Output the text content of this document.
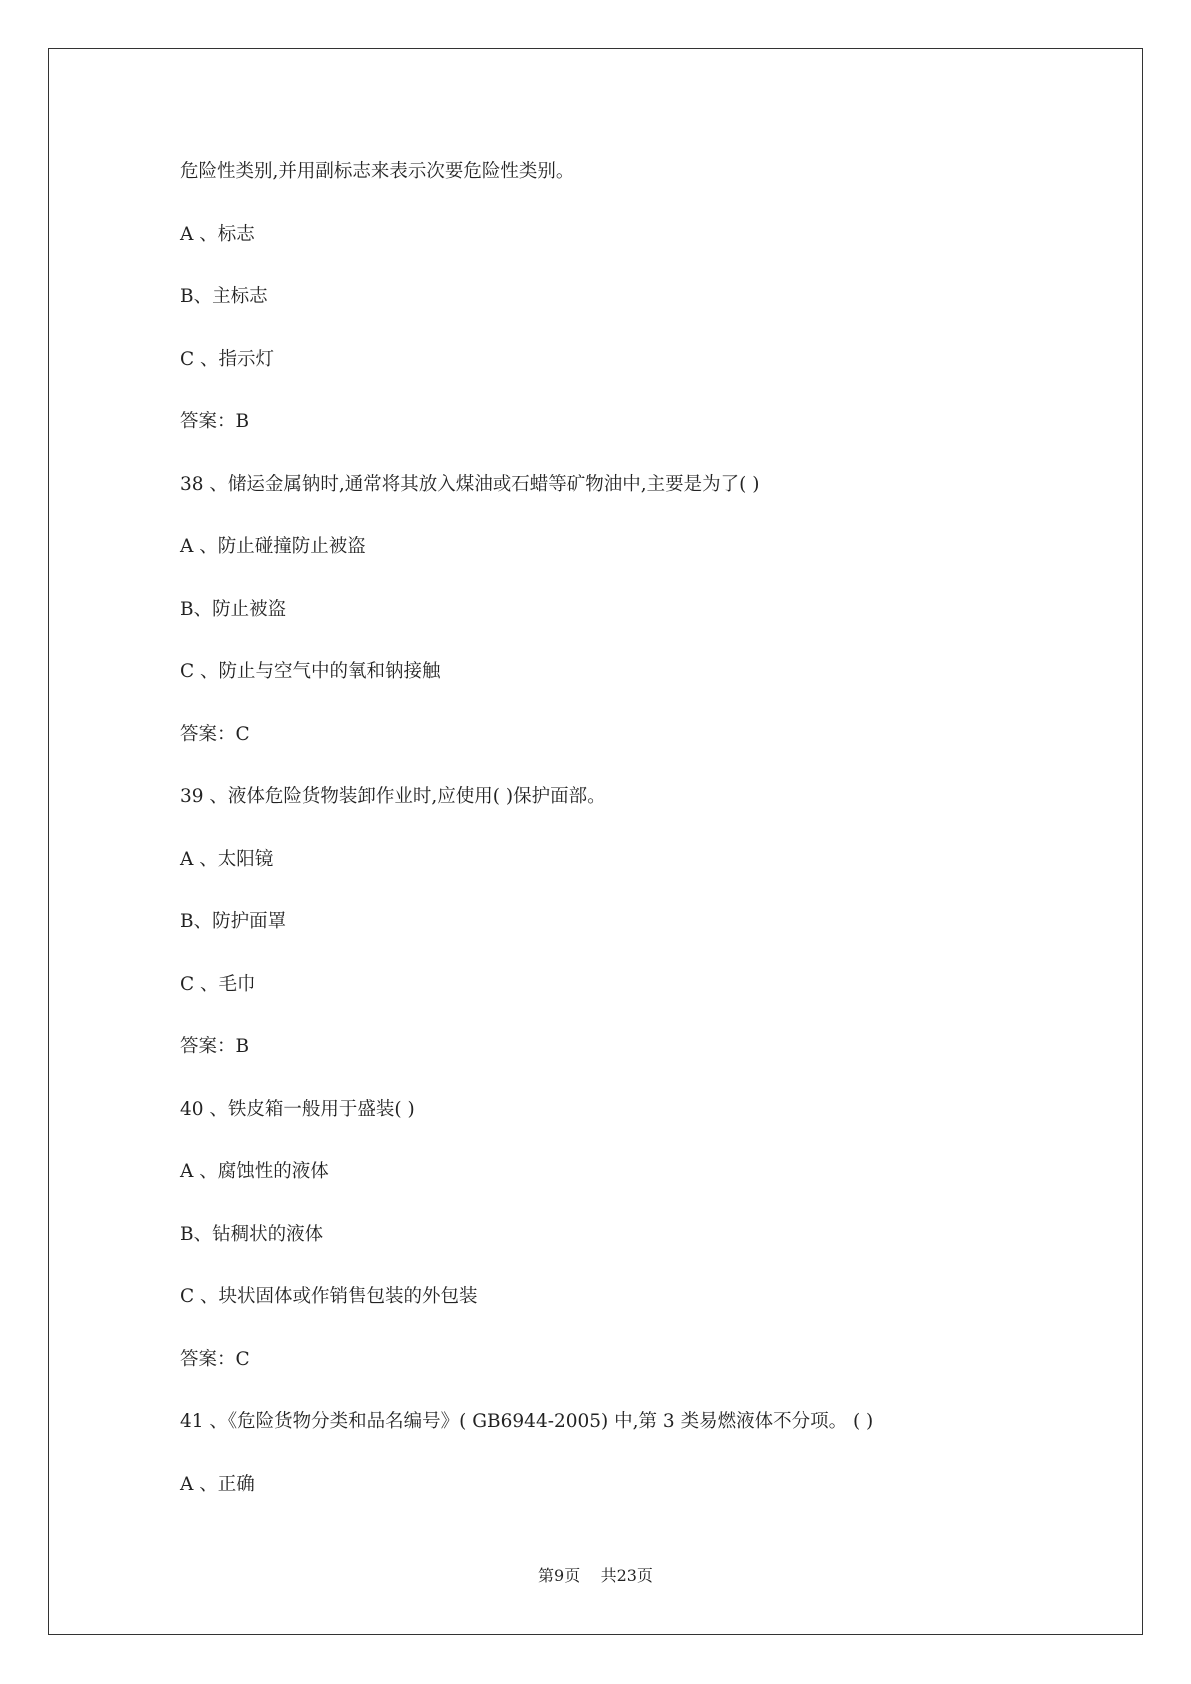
危险性类别,并用副标志来表示次要危险性类别。

A 、标志

B、主标志

C 、指示灯

答案：B

38 、储运金属钠时,通常将其放入煤油或石蜡等矿物油中,主要是为了( )

A 、防止碰撞防止被盗

B、防止被盗

C 、防止与空气中的氧和钠接触

答案：C

39 、液体危险货物装卸作业时,应使用( )保护面部。

A 、太阳镜

B、防护面罩

C 、毛巾

答案：B

40 、铁皮箱一般用于盛装( )

A 、腐蚀性的液体

B、钻稠状的液体

C 、块状固体或作销售包装的外包装

答案：C

41 、《危险货物分类和品名编号》( GB6944-2005) 中,第 3 类易燃液体不分项。 ( )

A 、正确

第9页    共23页
